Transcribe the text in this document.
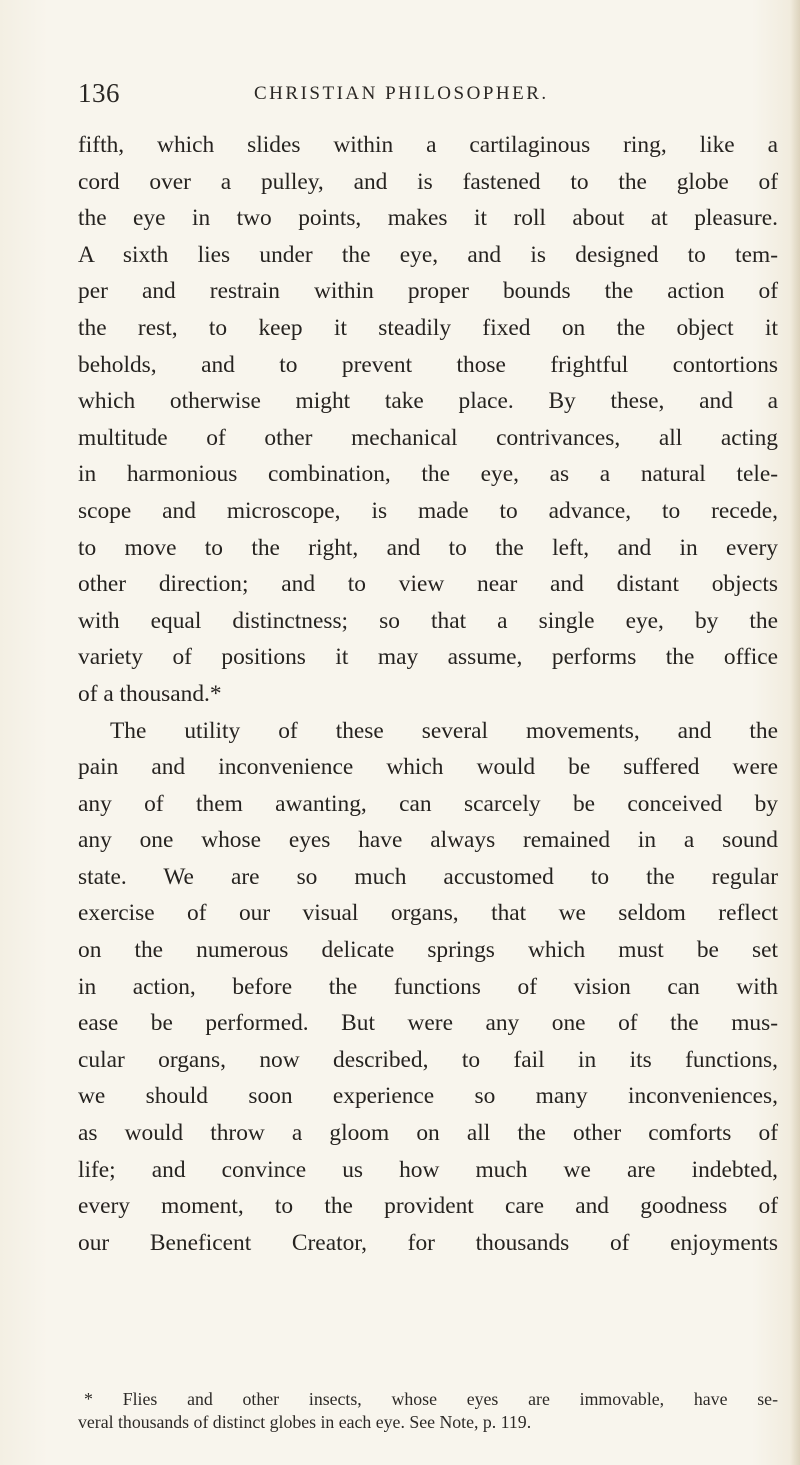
136	CHRISTIAN PHILOSOPHER.
fifth, which slides within a cartilaginous ring, like a
cord over a pulley, and is fastened to the globe of
the eye in two points, makes it roll about at pleasure.
A sixth lies under the eye, and is designed to tem-
per and restrain within proper bounds the action of
the rest, to keep it steadily fixed on the object it
beholds, and to prevent those frightful contortions
which otherwise might take place. By these, and a
multitude of other mechanical contrivances, all acting
in harmonious combination, the eye, as a natural tele-
scope and microscope, is made to advance, to recede,
to move to the right, and to the left, and in every
other direction; and to view near and distant objects
with equal distinctness; so that a single eye, by the
variety of positions it may assume, performs the office
of a thousand.*
The utility of these several movements, and the
pain and inconvenience which would be suffered were
any of them awanting, can scarcely be conceived by
any one whose eyes have always remained in a sound
state. We are so much accustomed to the regular
exercise of our visual organs, that we seldom reflect
on the numerous delicate springs which must be set
in action, before the functions of vision can with
ease be performed. But were any one of the mus-
cular organs, now described, to fail in its functions,
we should soon experience so many inconveniences,
as would throw a gloom on all the other comforts of
life; and convince us how much we are indebted,
every moment, to the provident care and goodness of
our Beneficent Creator, for thousands of enjoyments
* Flies and other insects, whose eyes are immovable, have se-
veral thousands of distinct globes in each eye. See Note, p. 119.
